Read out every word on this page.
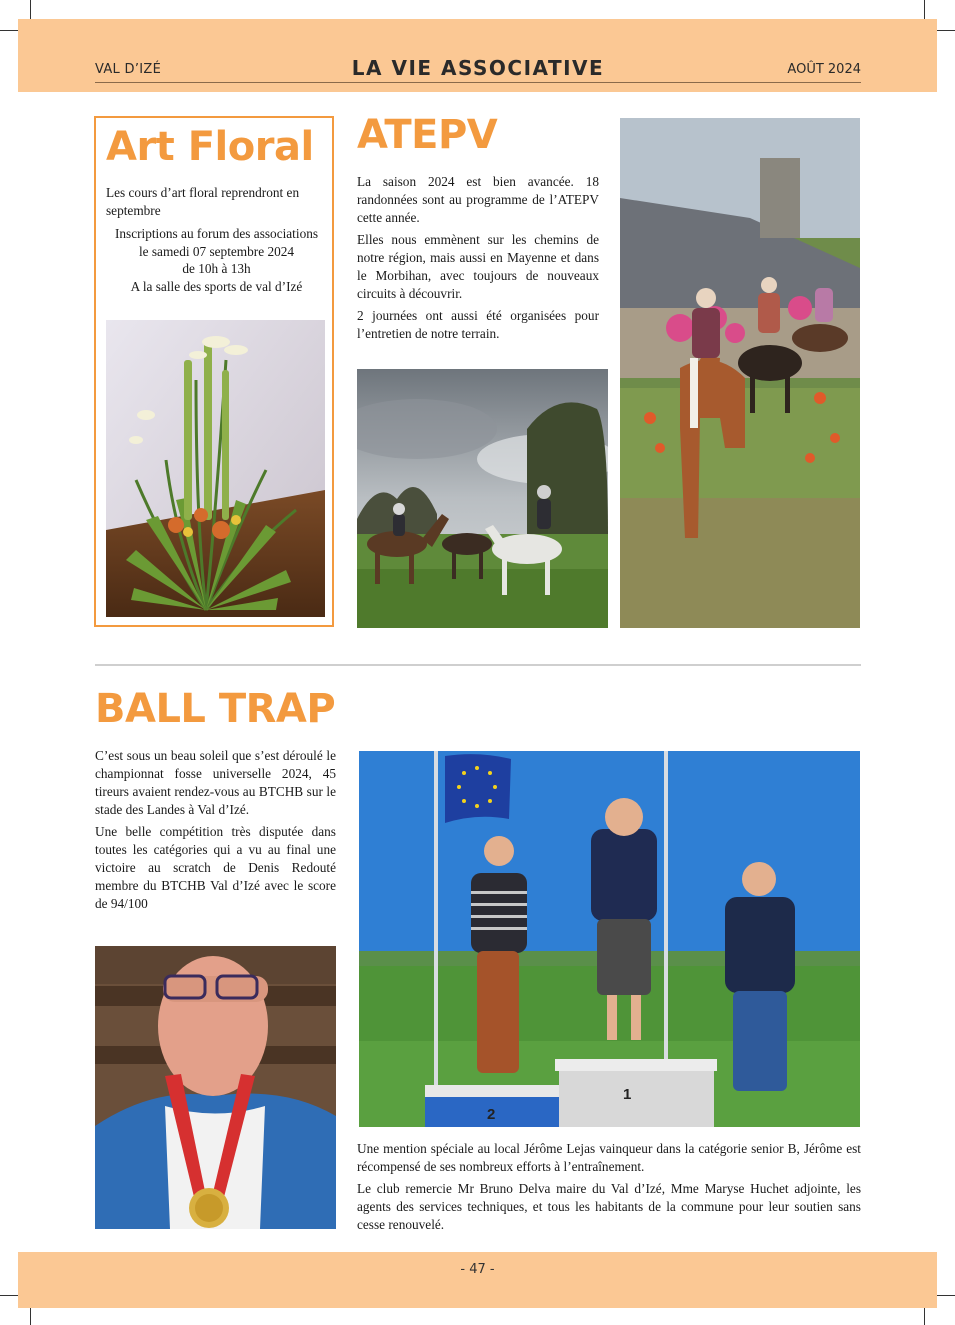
VAL D’IZÉ	LA VIE ASSOCIATIVE	AOÛT 2024
Art Floral
Les cours d’art floral reprendront en septembre
Inscriptions au forum des associations
le samedi 07 septembre 2024
de 10h à 13h
A la salle des sports de val d’Izé
ATEPV

La saison 2024 est bien avancée. 18 randonnées sont au programme de l’ATEPV cette année.

Elles nous emmènent sur les chemins de notre région, mais aussi en Mayenne et dans le Morbihan, avec toujours de nouveaux circuits à découvrir.

2 journées ont aussi été organisées pour l’entretien de notre terrain.

BALL TRAP

C’est sous un beau soleil que s’est déroulé le championnat fosse universelle 2024, 45 tireurs avaient rendez-vous au BTCHB sur le stade des Landes à Val d’Izé.

Une belle compétition très disputée dans toutes les catégories qui a vu au final une victoire au scratch de Denis Redouté membre du BTCHB Val d’Izé avec le score de 94/100

2
1

Une mention spéciale au local Jérôme Lejas vainqueur dans la catégorie senior B, Jérôme est récompensé de ses nombreux efforts à l’entraînement.

Le club remercie Mr Bruno Delva maire du Val d’Izé, Mme Maryse Huchet adjointe, les agents des services techniques, et tous les habitants de la commune pour leur soutien sans cesse renouvelé.

- 47 -
